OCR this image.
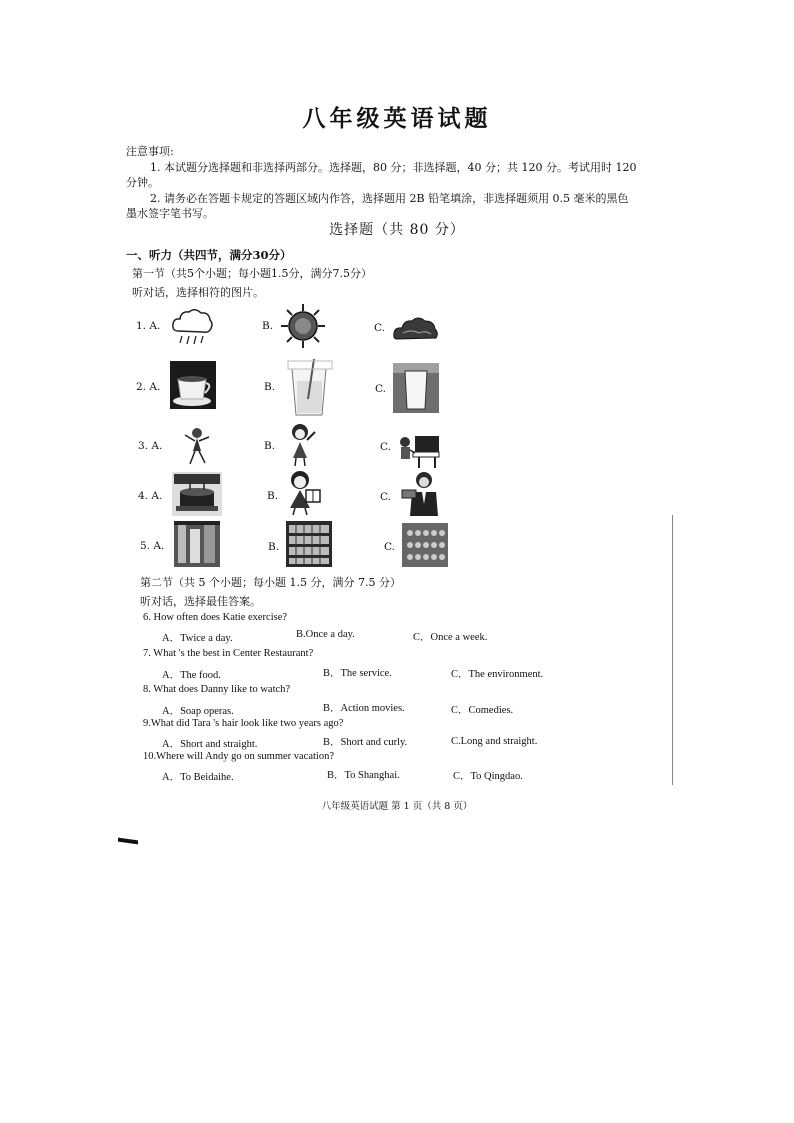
八年级英语试题
注意事项:
1. 本试题分选择题和非选择两部分。选择题，80 分；非选择题，40 分；共 120 分。考试用时 120
分钟。
2. 请务必在答题卡规定的答题区域内作答，选择题用 2B 铅笔填涂，非选择题须用 0.5 毫米的黑色
墨水签字笔书写。
选择题（共 80 分）
一、听力（共四节，满分30分）
第一节（共5个小题；每小题1.5分，满分7.5分）
听对话，选择相符的图片。
1. A.	B.	C.
2. A.	B.	C.
3. A.	B.	C.
4. A.	B.	C.
5. A.	B.	C.
第二节（共 5 个小题；每小题 1.5 分，满分 7.5 分）
听对话，选择最佳答案。
6. How often does Katie exercise?
A．Twice a day.	B.Once a day.	C．Once a week.
7. What 's the best in Center Restaurant?
A．The food.	B．The service.	C．The environment.
8. What does Danny like to watch?
A．Soap operas.	B．Action movies.	C．Comedies.
9.What did Tara 's hair look like two years ago?
A．Short and straight.	B．Short and curly.	C.Long and straight.
10.Where will Andy go on summer vacation?
A．To Beidaihe.	B．To Shanghai.	C．To Qingdao.
八年级英语试题 第 1 页（共 8 页）
